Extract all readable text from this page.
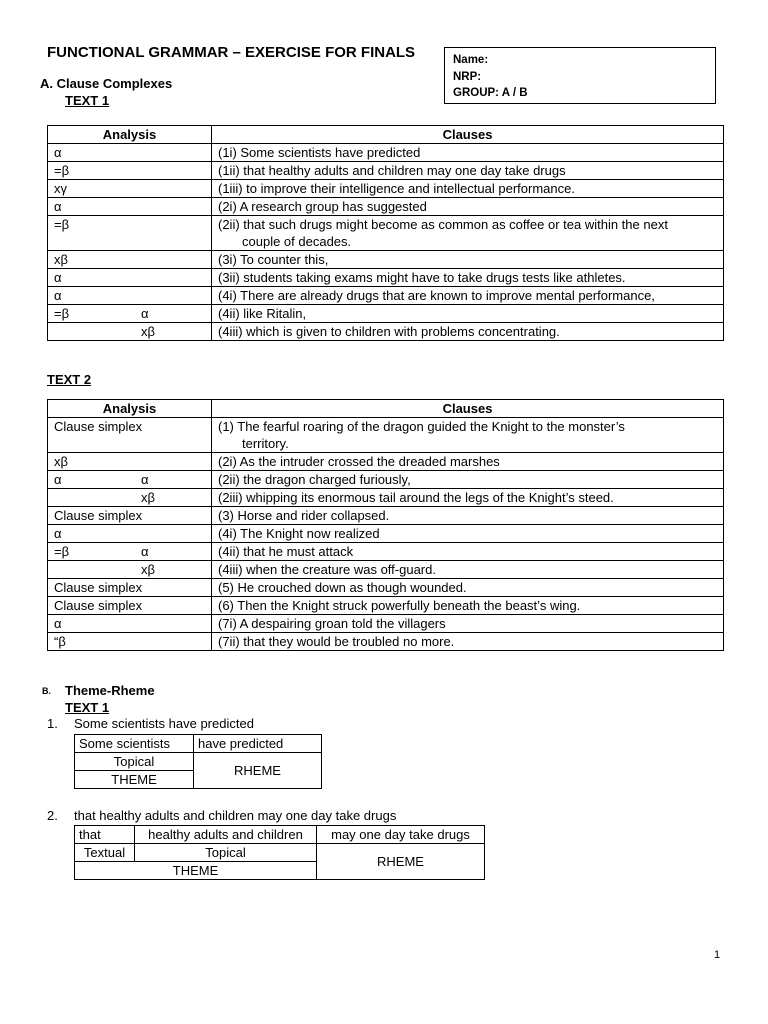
FUNCTIONAL GRAMMAR – EXERCISE FOR FINALS	Name:
NRP:
GROUP: A / B
A. Clause Complexes
TEXT 1
Analysis	Clauses
α	(1i) Some scientists have predicted

=β	(1ii) that healthy adults and children may one day take drugs

xγ	(1iii) to improve their intelligence and intellectual performance.

α	(2i) A research group has suggested

=β	(2ii) that such drugs might become as common as coffee or tea within the next
couple of decades.

xβ	(3i) To counter this,

α	(3ii) students taking exams might have to take drugs tests like athletes.

α	(4i) There are already drugs that are known to improve mental performance,

=β α	(4ii) like Ritalin,

xβ	(4iii) which is given to children with problems concentrating.
TEXT 2
Analysis	Clauses
Clause simplex	(1) The fearful roaring of the dragon guided the Knight to the monster’s
territory.

xβ	(2i) As the intruder crossed the dreaded marshes

α α	(2ii) the dragon charged furiously,

xβ	(2iii) whipping its enormous tail around the legs of the Knight’s steed.

Clause simplex	(3) Horse and rider collapsed.

α	(4i) The Knight now realized

=β α	(4ii) that he must attack

xβ	(4iii) when the creature was off-guard.

Clause simplex	(5) He crouched down as though wounded.

Clause simplex	(6) Then the Knight struck powerfully beneath the beast’s wing.

α	(7i) A despairing groan told the villagers

“β	(7ii) that they would be troubled no more.
B. Theme-Rheme
TEXT 1
1. Some scientists have predicted
Some scientists	have predicted
Topical	RHEME
THEME	
2. that healthy adults and children may one day take drugs
that	healthy adults and children	may one day take drugs
Textual	Topical	RHEME
THEME		
1
